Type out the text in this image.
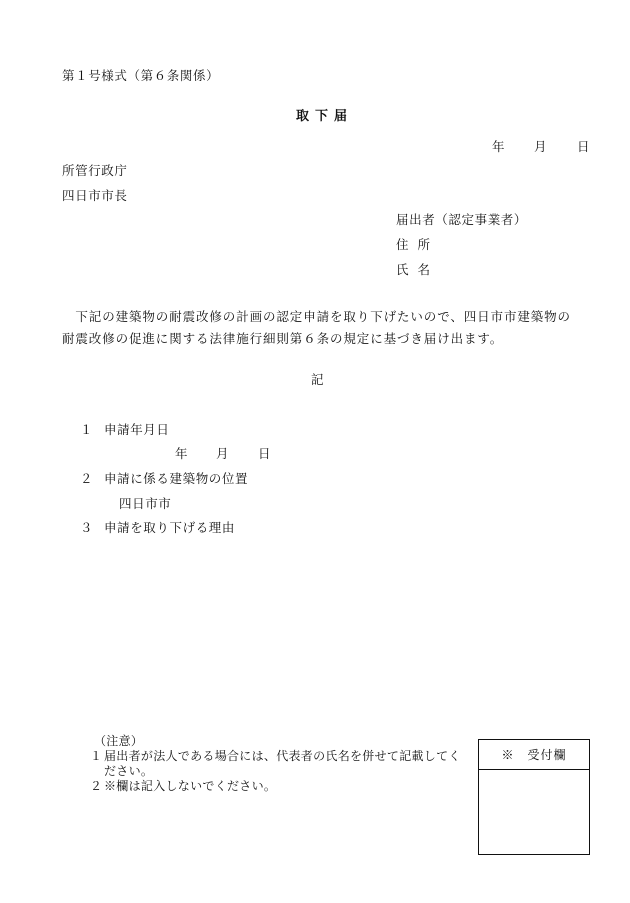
第１号様式（第６条関係）
取下届
年 月 日
所管行政庁
四日市市長
届出者（認定事業者）
住所
氏名
　下記の建築物の耐震改修の計画の認定申請を取り下げたいので、四日市市建築物の
耐震改修の促進に関する法律施行細則第６条の規定に基づき届け出ます。
記
１ 申請年月日
年 月 日
２ 申請に係る建築物の位置
四日市市
３ 申請を取り下げる理由
（注意）
１ 届出者が法人である場合には、代表者の氏名を併せて記載してく
ださい。
２ ※欄は記入しないでください。
※　受付欄
